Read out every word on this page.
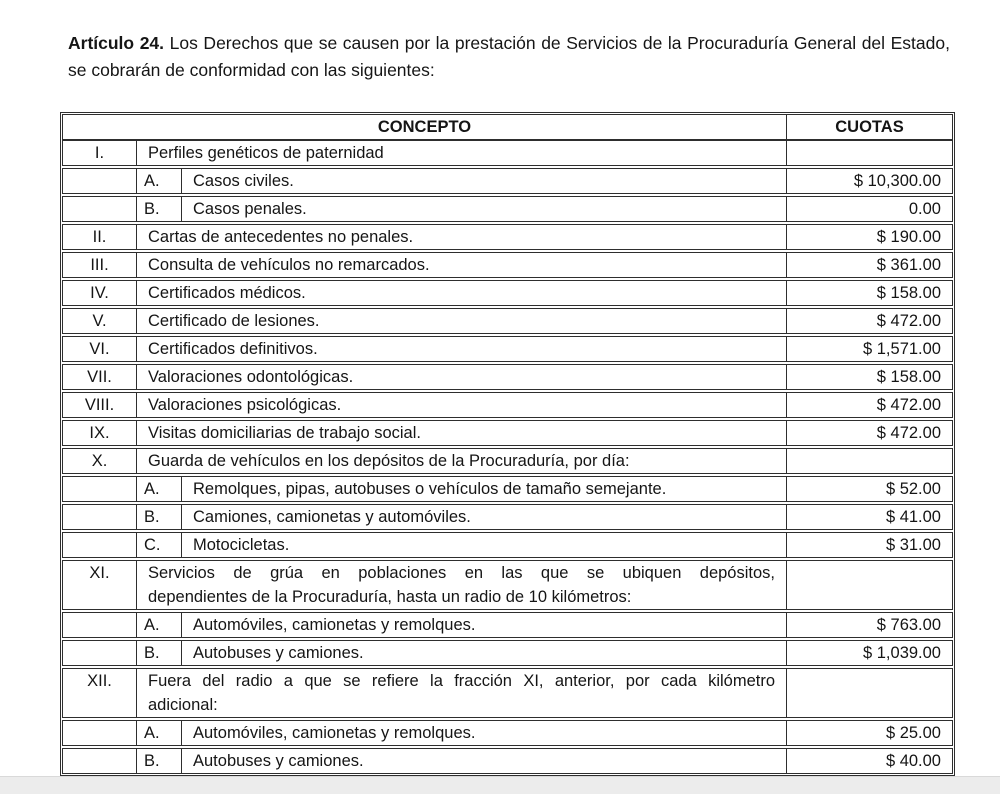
Artículo 24. Los Derechos que se causen por la prestación de Servicios de la Procuraduría General del Estado, se cobrarán de conformidad con las siguientes:
CONCEPTO	CUOTAS
I.	Perfiles genéticos de paternidad
A.	Casos civiles.	$ 10,300.00
B.	Casos penales.	0.00
II.	Cartas de antecedentes no penales.	$ 190.00
III.	Consulta de vehículos no remarcados.	$ 361.00
IV.	Certificados médicos.	$ 158.00
V.	Certificado de lesiones.	$ 472.00
VI.	Certificados definitivos.	$ 1,571.00
VII.	Valoraciones odontológicas.	$ 158.00
VIII.	Valoraciones psicológicas.	$ 472.00
IX.	Visitas domiciliarias de trabajo social.	$ 472.00
X.	Guarda de vehículos en los depósitos de la Procuraduría, por día:
A.	Remolques, pipas, autobuses o vehículos de tamaño semejante.	$ 52.00
B.	Camiones, camionetas y automóviles.	$ 41.00
C.	Motocicletas.	$ 31.00
XI.	Servicios de grúa en poblaciones en las que se ubiquen depósitos,
dependientes de la Procuraduría, hasta un radio de 10 kilómetros:
A.	Automóviles, camionetas y remolques.	$ 763.00
B.	Autobuses y camiones.	$ 1,039.00
XII.	Fuera del radio a que se refiere la fracción XI, anterior, por cada kilómetro
adicional:
A.	Automóviles, camionetas y remolques.	$ 25.00
B.	Autobuses y camiones.	$ 40.00
